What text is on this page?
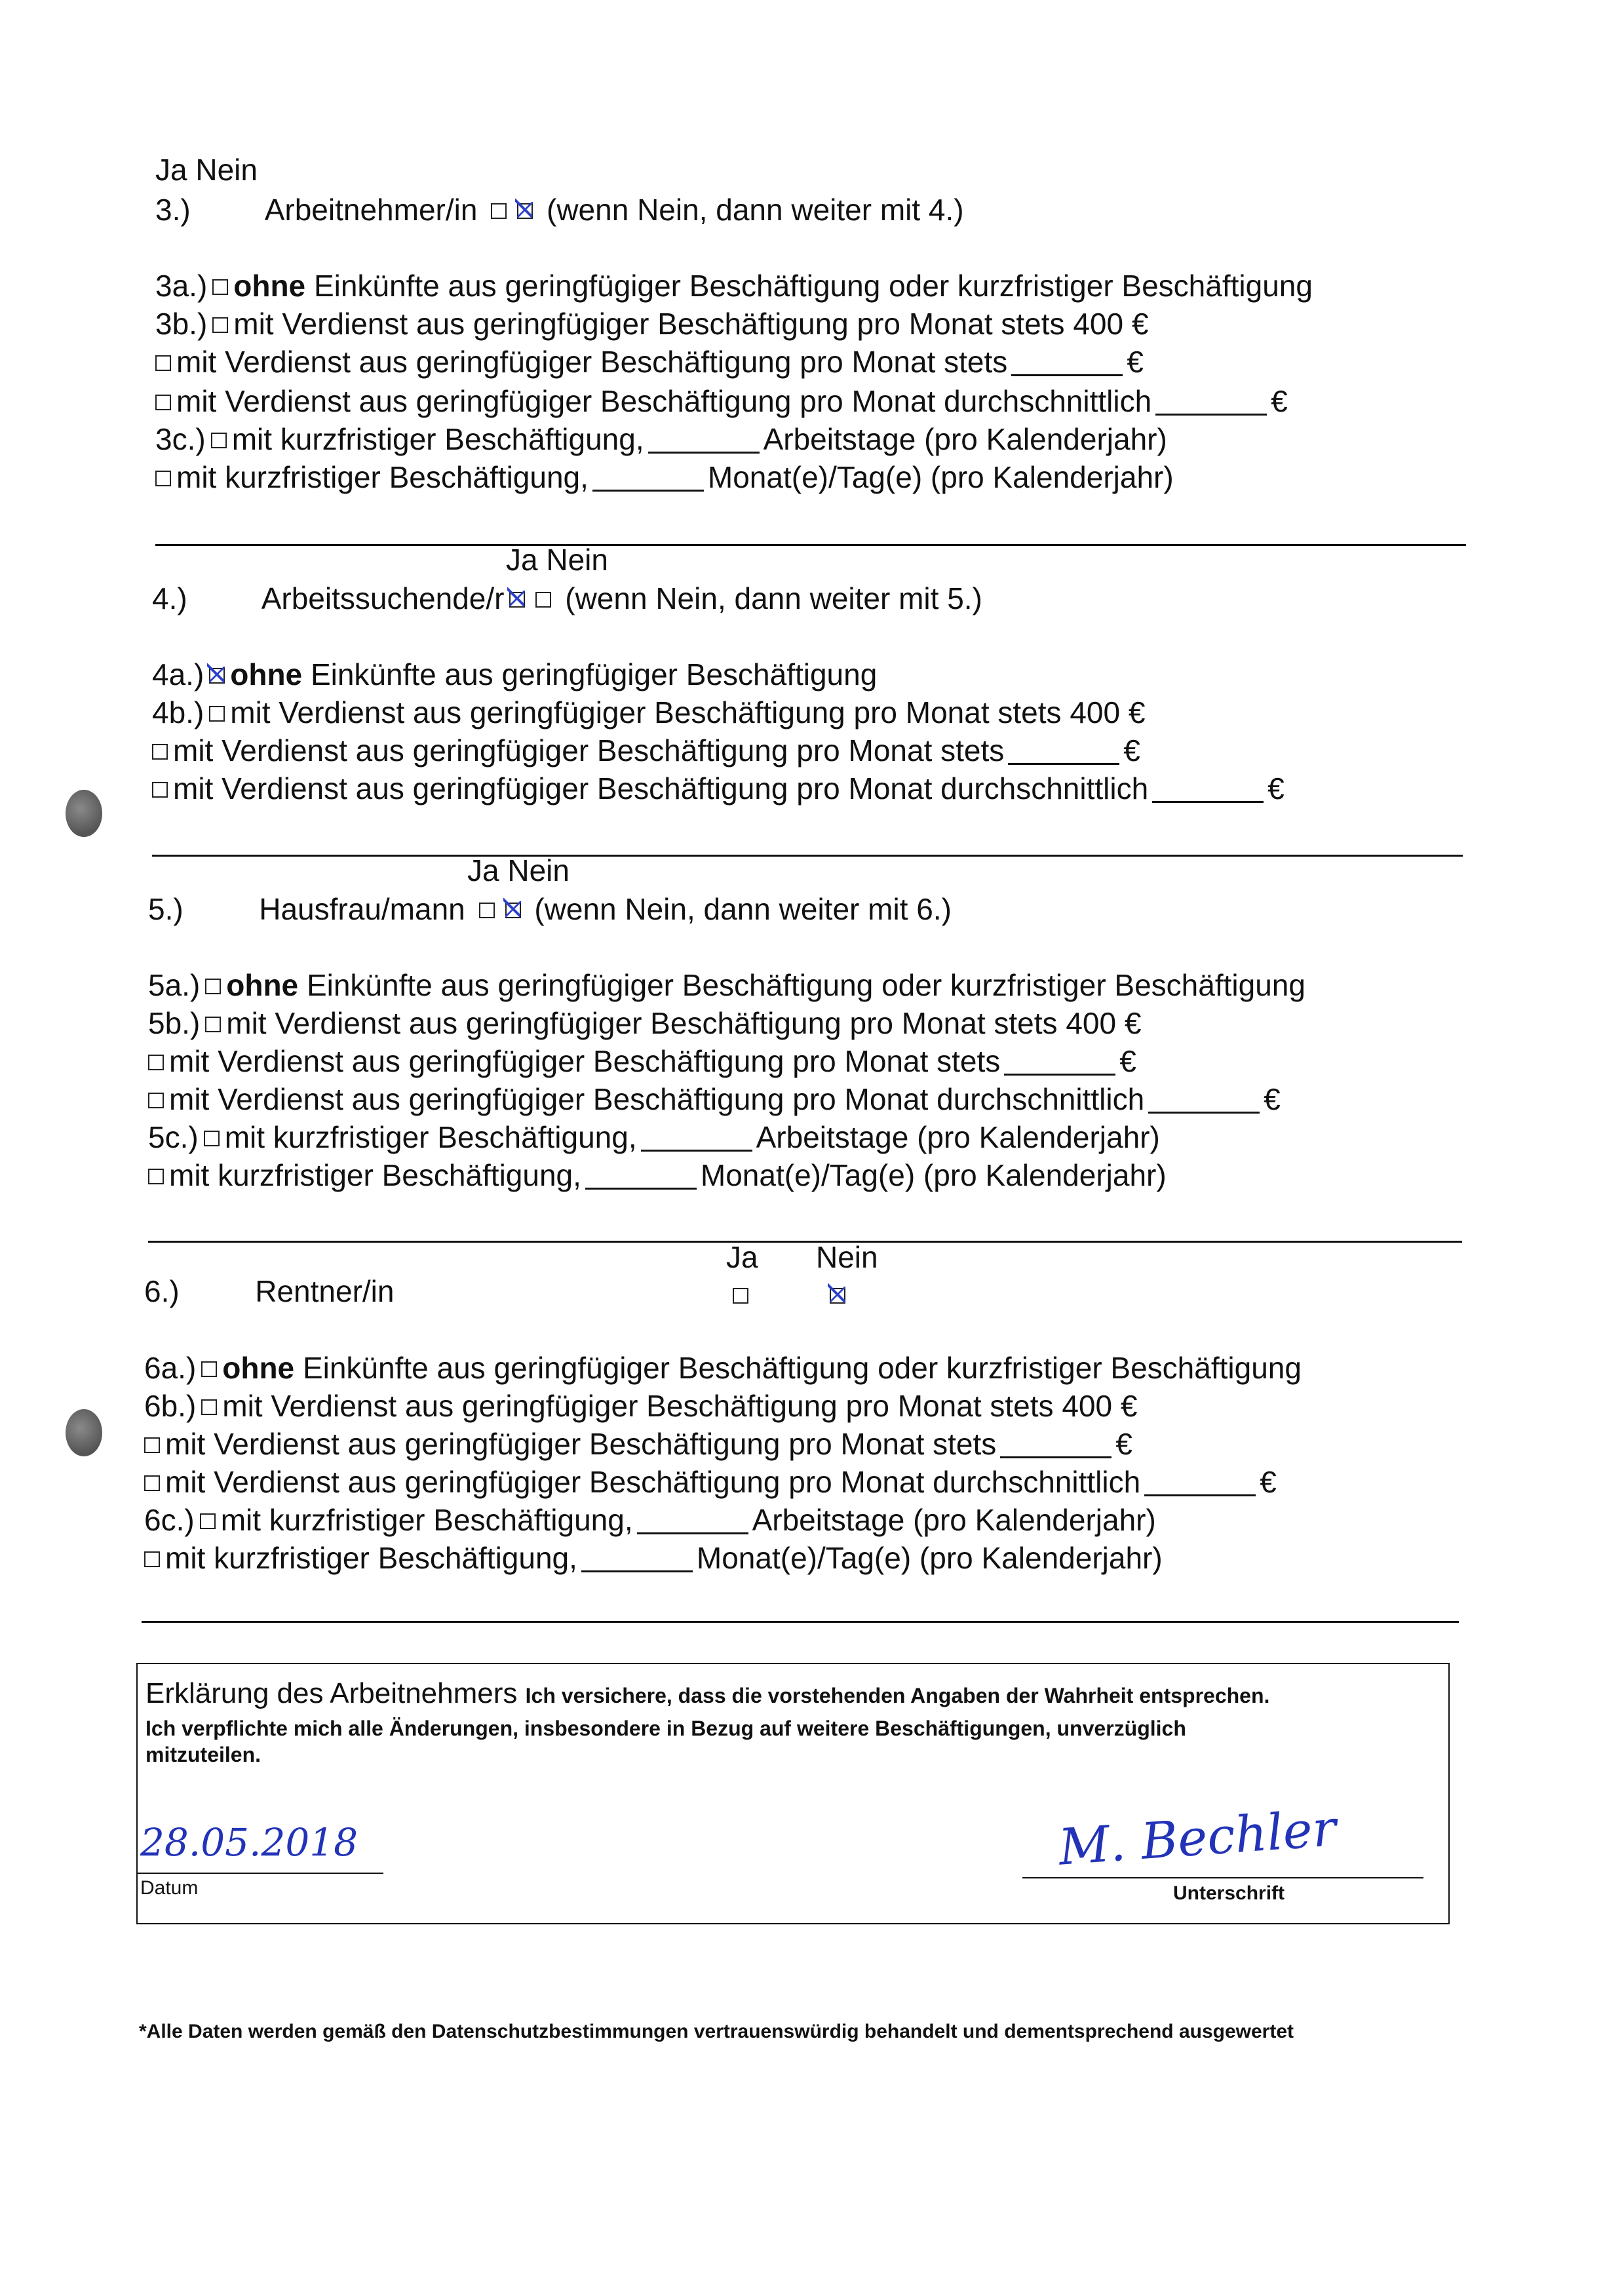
Ja Nein
3.) Arbeitnehmer/in (wenn Nein, dann weiter mit 4.)
3a.) ohne Einkünfte aus geringfügiger Beschäftigung oder kurzfristiger Beschäftigung
3b.) mit Verdienst aus geringfügiger Beschäftigung pro Monat stets 400 €
mit Verdienst aus geringfügiger Beschäftigung pro Monat stets	€
mit Verdienst aus geringfügiger Beschäftigung pro Monat durchschnittlich	€
3c.) mit kurzfristiger Beschäftigung,	Arbeitstage (pro Kalenderjahr)
mit kurzfristiger Beschäftigung,	Monat(e)/Tag(e) (pro Kalenderjahr)
Ja Nein
4.) Arbeitssuchende/r (wenn Nein, dann weiter mit 5.)
4a.) ohne Einkünfte aus geringfügiger Beschäftigung
4b.) mit Verdienst aus geringfügiger Beschäftigung pro Monat stets 400 €
mit Verdienst aus geringfügiger Beschäftigung pro Monat stets	€
mit Verdienst aus geringfügiger Beschäftigung pro Monat durchschnittlich	€
Ja Nein
5.)	Hausfrau/mann (wenn Nein, dann weiter mit 6.)
5a.) ohne Einkünfte aus geringfügiger Beschäftigung oder kurzfristiger Beschäftigung
5b.) mit Verdienst aus geringfügiger Beschäftigung pro Monat stets 400 €
mit Verdienst aus geringfügiger Beschäftigung pro Monat stets	€
mit Verdienst aus geringfügiger Beschäftigung pro Monat durchschnittlich	€
5c.) mit kurzfristiger Beschäftigung,	Arbeitstage (pro Kalenderjahr)
mit kurzfristiger Beschäftigung,	Monat(e)/Tag(e) (pro Kalenderjahr)
Ja Nein
6.)	Rentner/in
6a.) ohne Einkünfte aus geringfügiger Beschäftigung oder kurzfristiger Beschäftigung
6b.) mit Verdienst aus geringfügiger Beschäftigung pro Monat stets 400 €
mit Verdienst aus geringfügiger Beschäftigung pro Monat stets	€
mit Verdienst aus geringfügiger Beschäftigung pro Monat durchschnittlich	€
6c.) mit kurzfristiger Beschäftigung,	Arbeitstage (pro Kalenderjahr)
mit kurzfristiger Beschäftigung,	Monat(e)/Tag(e) (pro Kalenderjahr)
Erklärung des Arbeitnehmers Ich versichere, dass die vorstehenden Angaben der Wahrheit entsprechen.
Ich verpflichte mich alle Änderungen, insbesondere in Bezug auf weitere Beschäftigungen, unverzüglich
mitzuteilen.
28.05.2018
Datum
M. Bechler
Unterschrift
*Alle Daten werden gemäß den Datenschutzbestimmungen vertrauenswürdig behandelt und dementsprechend ausgewertet
